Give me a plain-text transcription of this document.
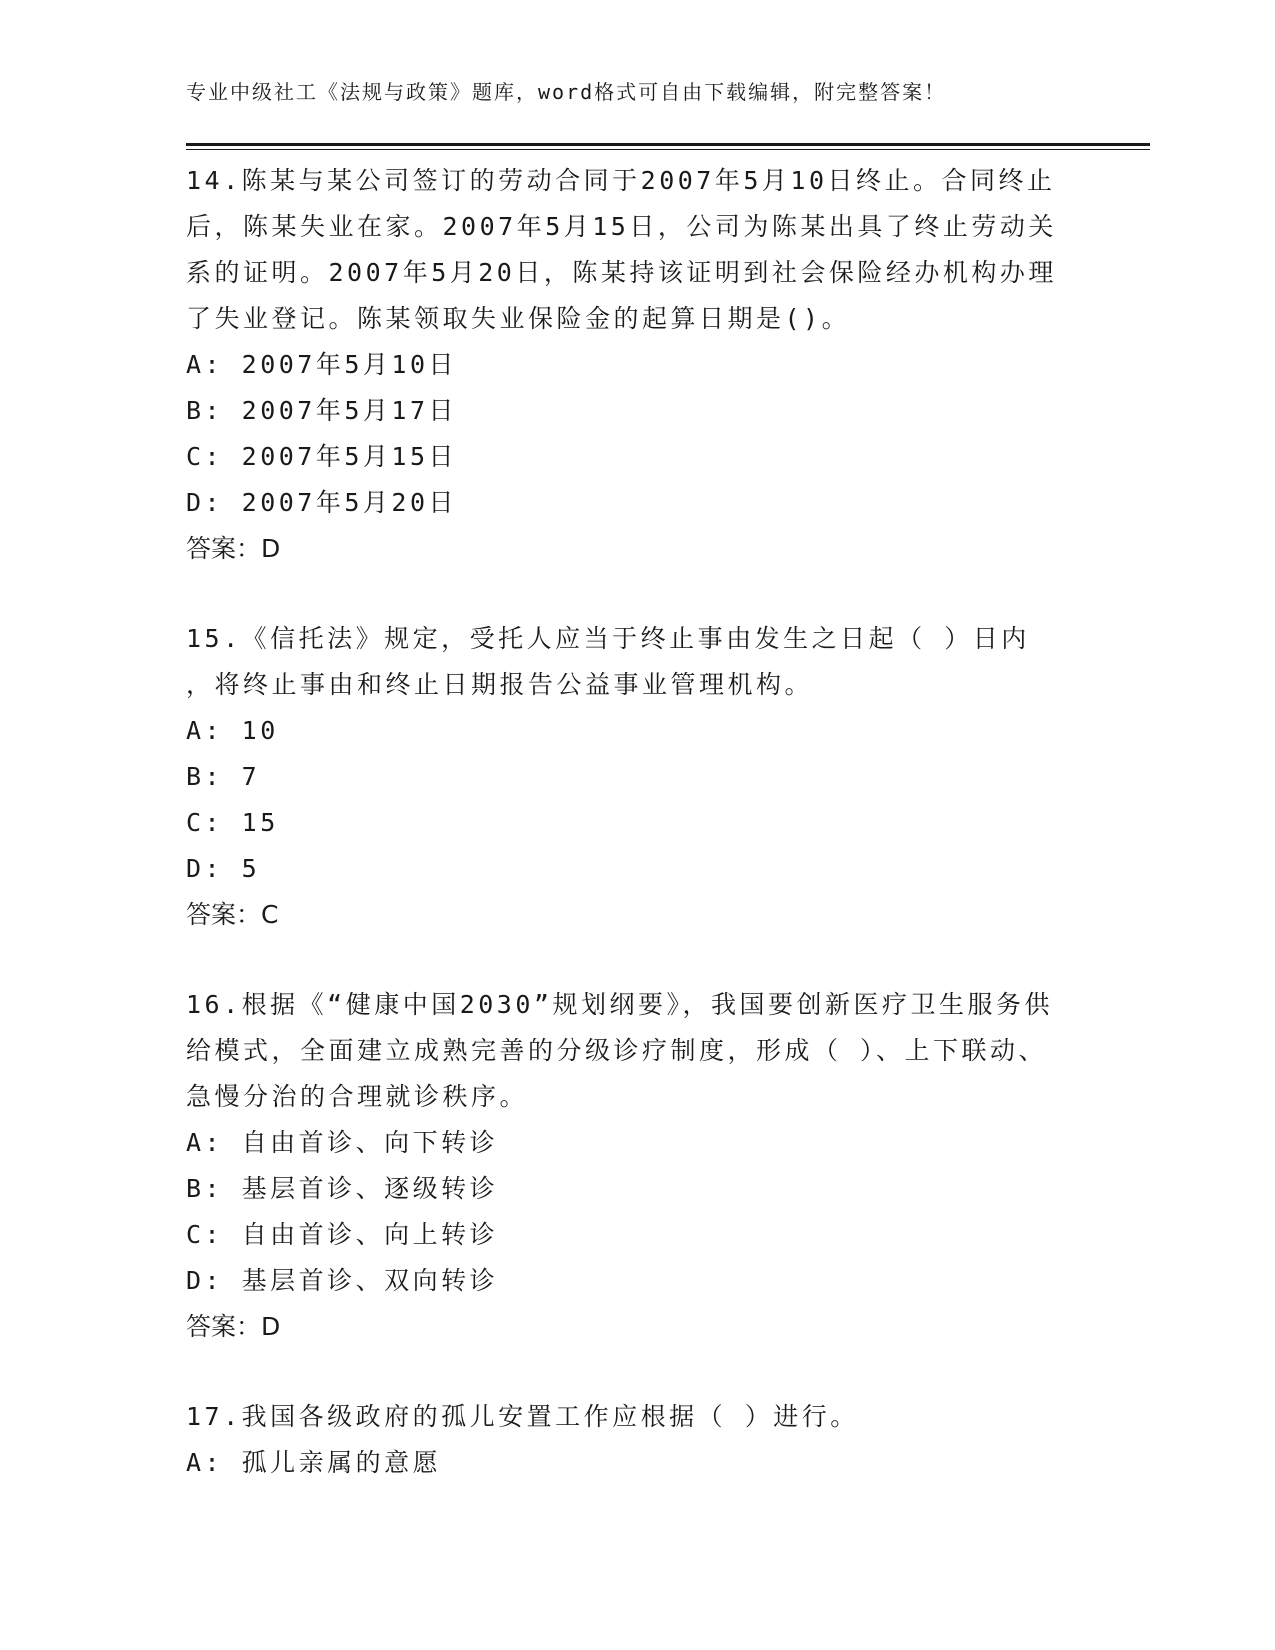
专业中级社工《法规与政策》题库，word格式可自由下载编辑，附完整答案！

14.陈某与某公司签订的劳动合同于2007年5月10日终止。合同终止
后，陈某失业在家。2007年5月15日，公司为陈某出具了终止劳动关
系的证明。2007年5月20日，陈某持该证明到社会保险经办机构办理
了失业登记。陈某领取失业保险金的起算日期是()。

A: 2007年5月10日

B: 2007年5月17日

C: 2007年5月15日

D: 2007年5月20日

答案：D

15.《信托法》规定，受托人应当于终止事由发生之日起（ ）日内
，将终止事由和终止日期报告公益事业管理机构。

A: 10

B: 7

C: 15

D: 5

答案：C

16.根据《“健康中国2030”规划纲要》，我国要创新医疗卫生服务供
给模式，全面建立成熟完善的分级诊疗制度，形成（ ）、上下联动、
急慢分治的合理就诊秩序。

A: 自由首诊、向下转诊

B: 基层首诊、逐级转诊

C: 自由首诊、向上转诊

D: 基层首诊、双向转诊

答案：D

17.我国各级政府的孤儿安置工作应根据（ ）进行。

A: 孤儿亲属的意愿
